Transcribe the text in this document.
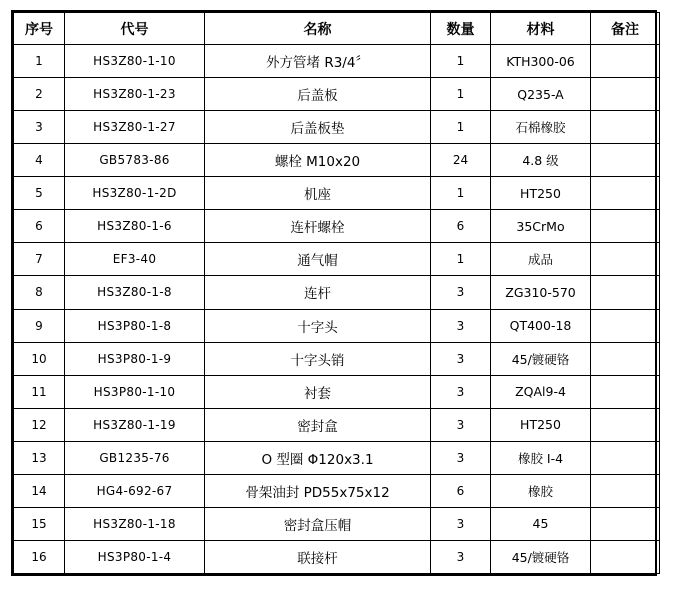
序号	代号	名称	数量	材料	备注
1	HS3Z80-1-10	外方管堵 R3/4〞	1	KTH300-06	
2	HS3Z80-1-23	后盖板	1	Q235-A	
3	HS3Z80-1-27	后盖板垫	1	石棉橡胶	
4	GB5783-86	螺栓 M10x20	24	4.8 级	
5	HS3Z80-1-2D	机座	1	HT250	
6	HS3Z80-1-6	连杆螺栓	6	35CrMo	
7	EF3-40	通气帽	1	成品	
8	HS3Z80-1-8	连杆	3	ZG310-570	
9	HS3P80-1-8	十字头	3	QT400-18	
10	HS3P80-1-9	十字头销	3	45/镀硬铬	
11	HS3P80-1-10	衬套	3	ZQAl9-4	
12	HS3Z80-1-19	密封盒	3	HT250	
13	GB1235-76	O 型圈 Φ120x3.1	3	橡胶 I-4	
14	HG4-692-67	骨架油封 PD55x75x12	6	橡胶	
15	HS3Z80-1-18	密封盒压帽	3	45	
16	HS3P80-1-4	联接杆	3	45/镀硬铬	
